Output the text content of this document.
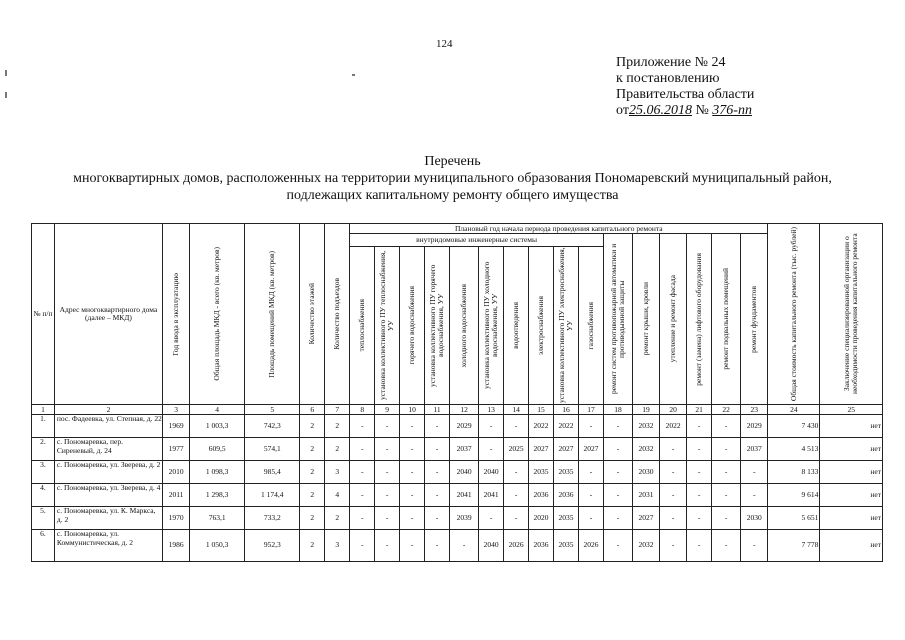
124
Приложение № 24
к постановлению
Правительства области
от25.06.2018 № 376-пп
Перечень
многоквартирных домов, расположенных на территории муниципального образования Пономаревский муниципальный район,
подлежащих капитальному ремонту общего имущества
№ п/п	Адрес многоквартирного дома (далее – МКД)	Год ввода в эксплуатацию	Общая площадь МКД - всего (кв. метров)	Площадь помещений МКД (кв. метров)	Количество этажей	Количество подъездов	Плановый год начала периода проведения капитального ремонта																Общая стоимость капитального ремонта (тыс. рублей)	Заключение специализированной организации о необходимости проведения капитального ремонта

							внутридомовые инженерные системы										ремонт систем противопожарной автоматики и противодымной защиты	ремонт крыши, кровли	утепление и ремонт фасада	ремонт (замена) лифтового оборудования	ремонт подвальных помещений	ремонт фундаментов		

							теплоснабжения	установка коллективного ПУ теплоснабжения, УУ	горячего водоснабжения	установка коллективного ПУ горячего водоснабжения, УУ	холодного водоснабжения	установка коллективного ПУ холодного водоснабжения, УУ	водоотведения	электроснабжения	установка коллективного ПУ электроснабжения, УУ	газоснабжения								

1	2	3	4	5	6	7	8	9	10	11	12	13	14	15	16	17	18	19	20	21	22	23	24	25
1.	пос. Фадеевка, ул. Степная, д. 22	1969	1 003,3	742,3	2	2	-	-	-	-	2029	-	-	2022	2022	-	-	2032	2022	-	-	2029	7 430	нет
2.	с. Пономаревка, пер. Сиреневый, д. 24	1977	609,5	574,1	2	2	-	-	-	-	2037	-	2025	2027	2027	2027	-	2032	-	-	-	2037	4 513	нет
3.	с. Пономаревка, ул. Зверева, д. 2	2010	1 098,3	985,4	2	3	-	-	-	-	2040	2040	-	2035	2035	-	-	2030	-	-	-	-	8 133	нет
4.	с. Пономаревка, ул. Зверева, д. 4	2011	1 298,3	1 174,4	2	4	-	-	-	-	2041	2041	-	2036	2036	-	-	2031	-	-	-	-	9 614	нет
5.	с. Пономаревка, ул. К. Маркса, д. 2	1970	763,1	733,2	2	2	-	-	-	-	2039	-	-	2020	2035	-	-	2027	-	-	-	2030	5 651	нет
6.	с. Пономаревка, ул. Коммунистическая, д. 2	1986	1 050,3	952,3	2	3	-	-	-	-	-	2040	2026	2036	2035	2026	-	2032	-	-	-	-	7 778	нет
